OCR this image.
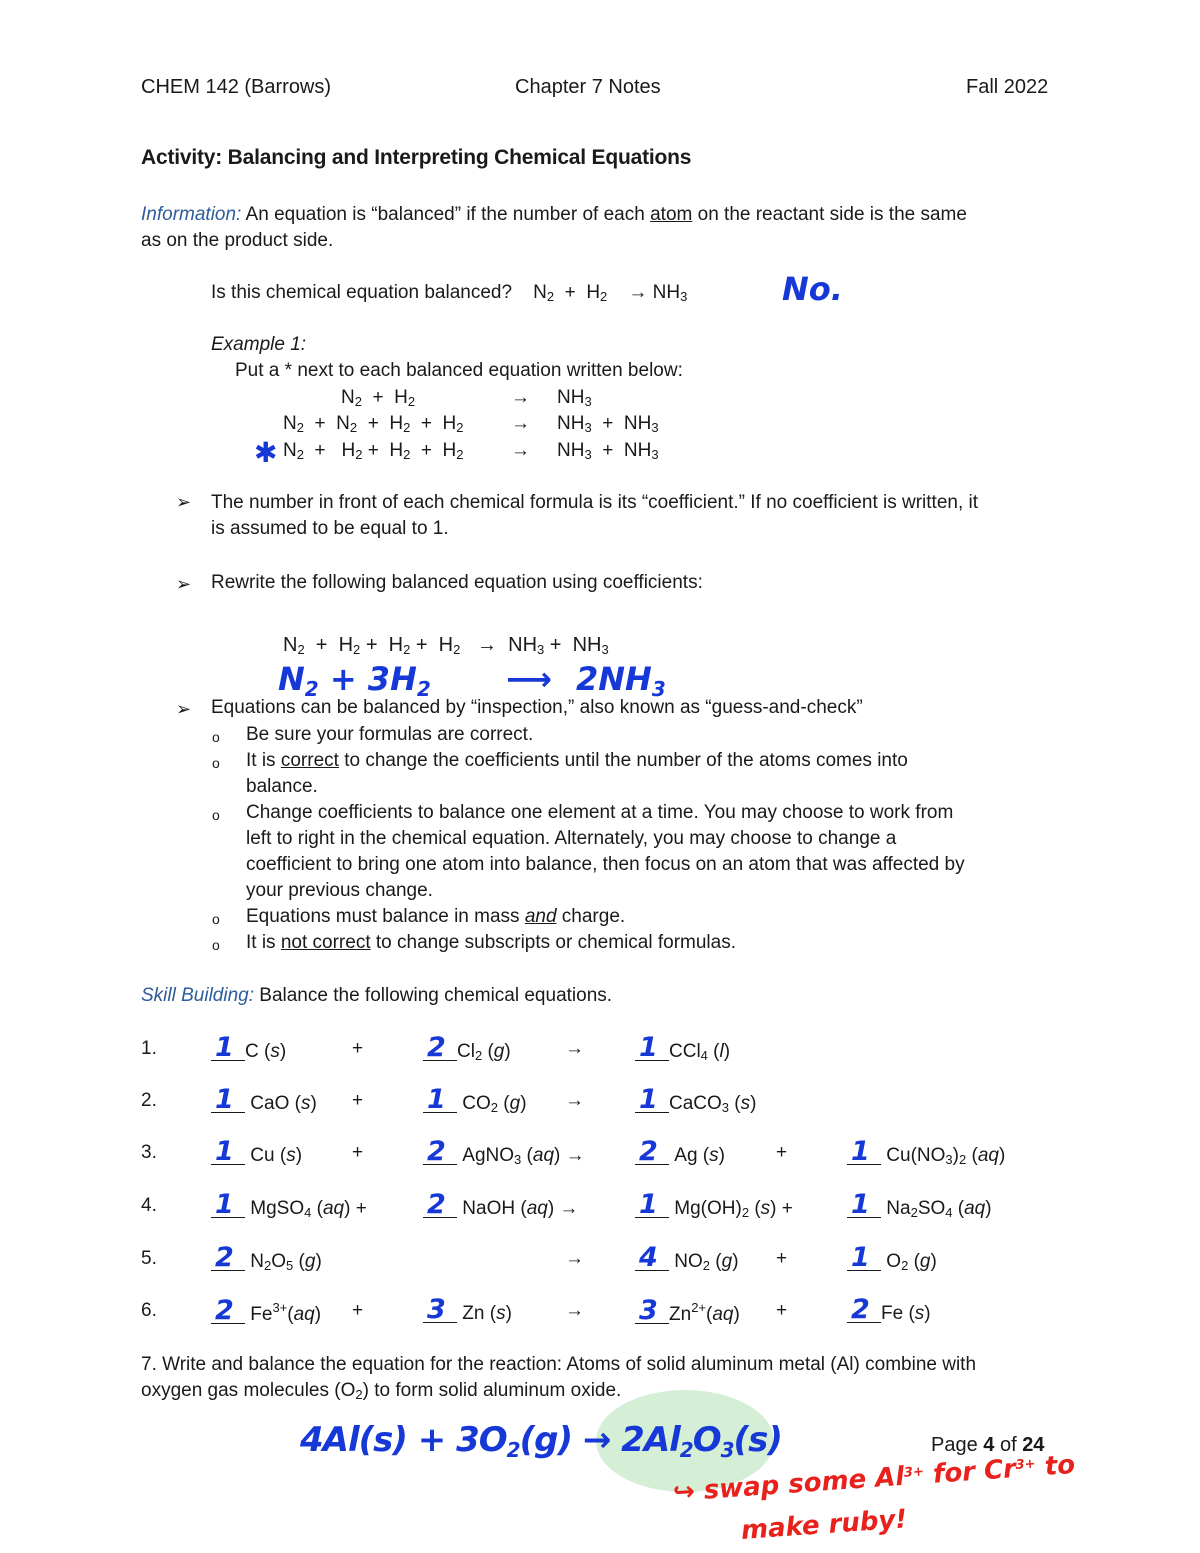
CHEM 142 (Barrows)	Chapter 7 Notes	Fall 2022
Activity: Balancing and Interpreting Chemical Equations
Information: An equation is “balanced” if the number of each atom on the reactant side is the same
as on the product side.
Is this chemical equation balanced?    $N_2 + H_2$    → $NH_3$	No.
Example 1:
Put a * next to each balanced equation written below:
$N_2 + H_2$	→ $NH_3$
$N_2 + N_2 + H_2 + H_2$	→ $NH_3 + NH_3$
✱ $N_2 + H_2 + H_2 + H_2$	→ $NH_3 + NH_3$
➢ The number in front of each chemical formula is its “coefficient.” If no coefficient is written, it
is assumed to be equal to 1.
➢ Rewrite the following balanced equation using coefficients:
$N_2 + H_2 + H_2 + H_2 \to NH_3 + NH_3$
N2 + 3H2 ⟶ 2NH3
➢ Equations can be balanced by “inspection,” also known as “guess-and-check”
o Be sure your formulas are correct.
o It is correct to change the coefficients until the number of the atoms comes into
balance.
o Change coefficients to balance one element at a time. You may choose to work from
left to right in the chemical equation. Alternately, you may choose to change a
coefficient to bring one atom into balance, then focus on an atom that was affected by
your previous change.
o Equations must balance in mass and charge.
o It is not correct to change subscripts or chemical formulas.
Skill Building: Balance the following chemical equations.
1. 1 C (s)	+ 2 $Cl_2$ (g)	→ 1 CCl$_4$ (l)
2. 1 CaO (s) + 1 $CO_2$ (g) → 1 CaCO$_3$ (s)
3. 1 Cu (s)	+ 2 AgNO$_3$ (aq) → 2 Ag (s)	+ 1 $Cu(NO_3)_2$ (aq)
4. 1 MgSO$_4$ (aq) + 2 NaOH (aq) → 1 $Mg(OH)_2$ (s) + 1 $Na_2SO_4$ (aq)
5. 2 $N_2O_5$ (g)	→ 4 $NO_2$ (g) + 1 $O_2$ (g)
6. 2 $Fe^{3+}(aq) + 3$ Zn (s)	→ 3 $Zn^{2+}(aq) + 2$ Fe (s)
7. Write and balance the equation for the reaction: Atoms of solid aluminum metal (Al) combine with
oxygen gas molecules $(O_2)$ to form solid aluminum oxide.
4Al(s) + 3O2(g) → 2Al2O3(s)
↪ swap some $Al^{3+}$ for $Cr^{3+}$ to
make ruby!
Page 4 of 24
